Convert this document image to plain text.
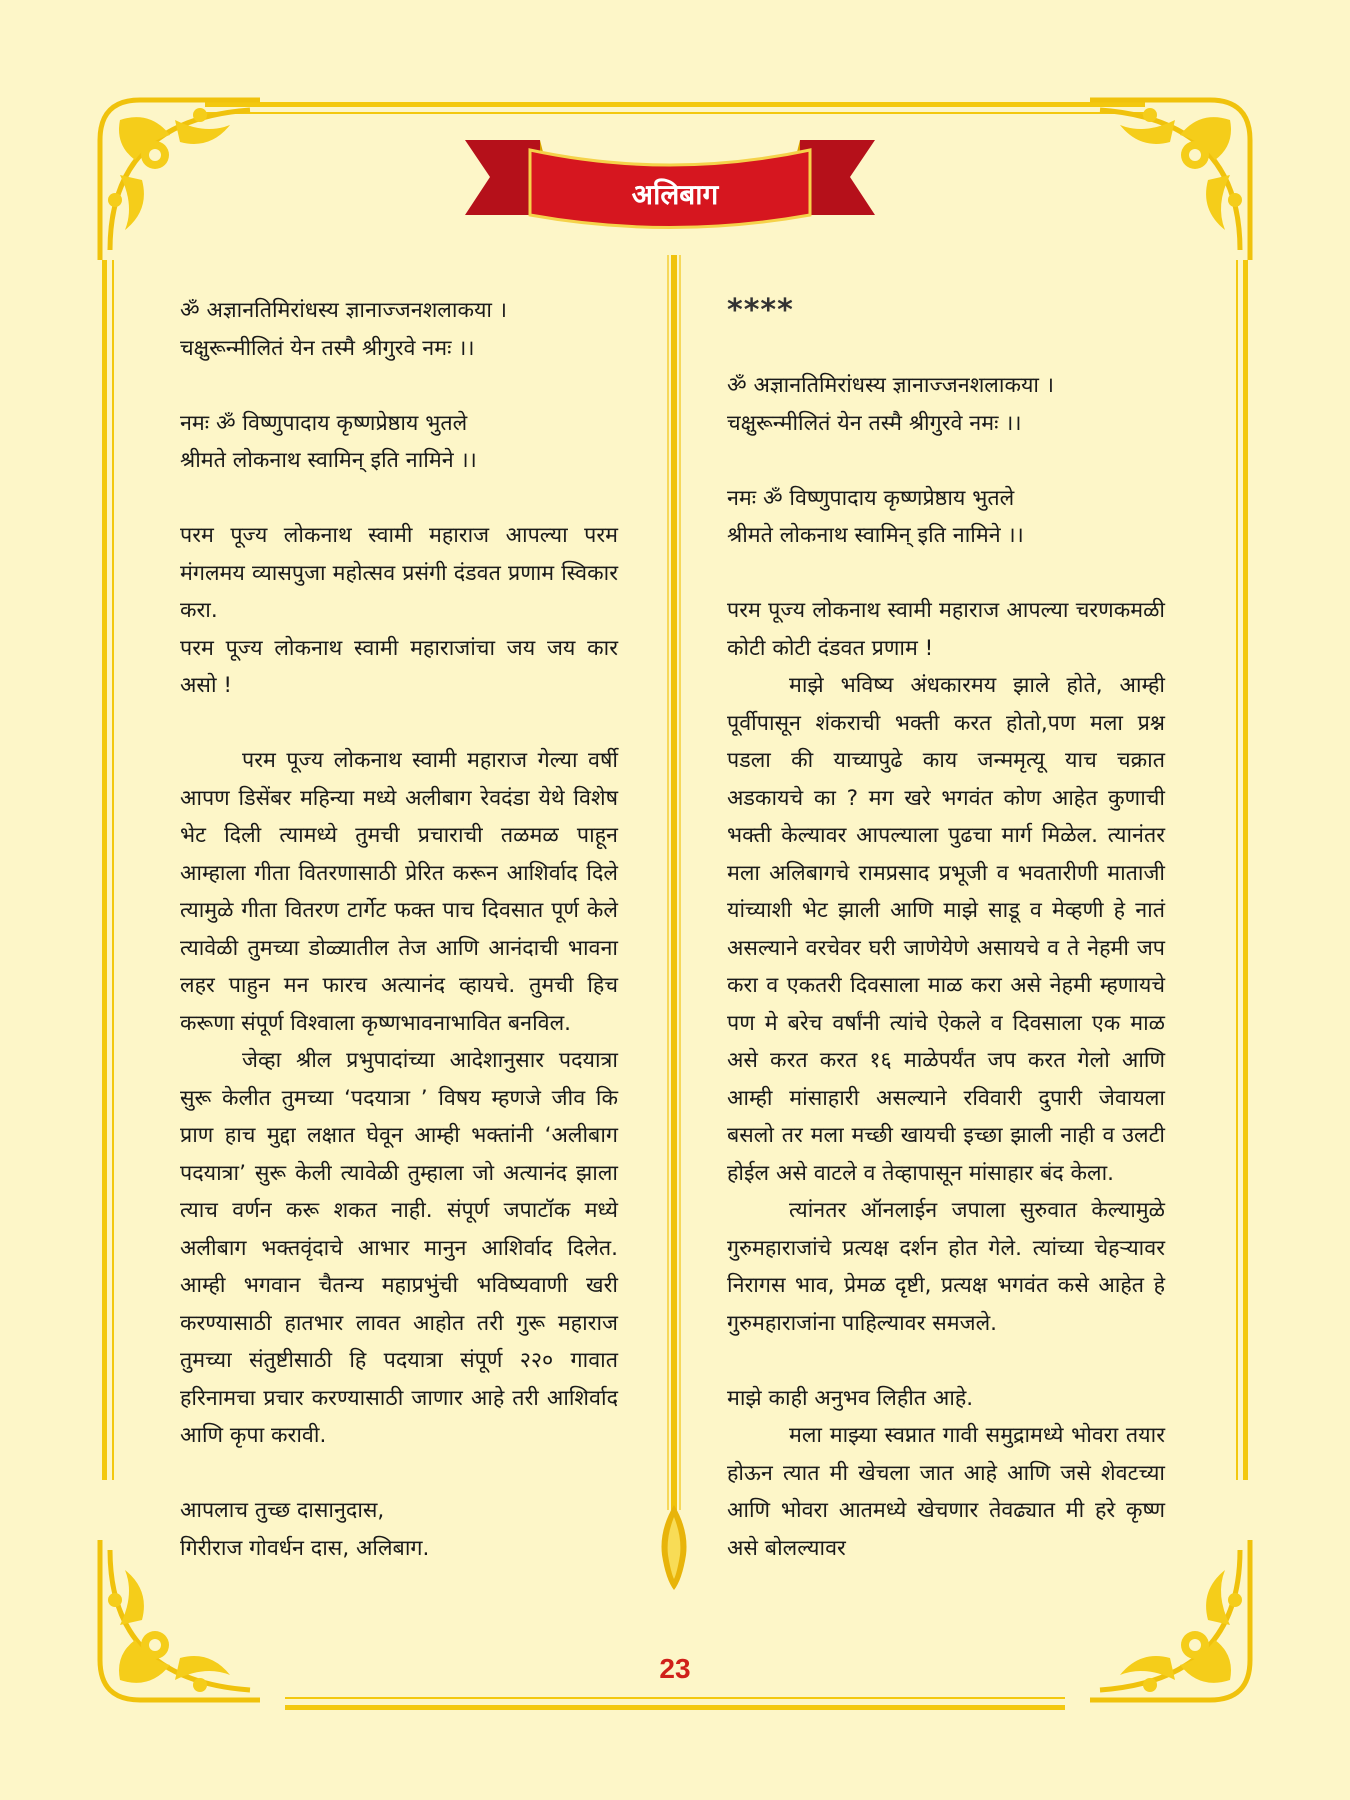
अलिबाग

ॐ अज्ञानतिमिरांधस्य ज्ञानाज्जनशलाकया ।

चक्षुरून्मीलितं येन तस्मै श्रीगुरवे नमः ।।

नमः ॐ विष्णुपादाय कृष्णप्रेष्ठाय भुतले

श्रीमते लोकनाथ स्वामिन् इति नामिने ।।

परम पूज्य लोकनाथ स्वामी महाराज आपल्या परम मंगलमय व्यासपुजा महोत्सव प्रसंगी दंडवत प्रणाम स्विकार करा.

परम पूज्य लोकनाथ स्वामी महाराजांचा जय जय कार असो !

परम पूज्य लोकनाथ स्वामी महाराज गेल्या वर्षी आपण डिसेंबर महिन्या मध्ये अलीबाग रेवदंडा येथे विशेष भेट दिली त्यामध्ये तुमची प्रचाराची तळमळ पाहून आम्हाला गीता वितरणासाठी प्रेरित करून आशिर्वाद दिले त्यामुळे गीता वितरण टार्गेट फक्त पाच दिवसात पूर्ण केले त्यावेळी तुमच्या डोळ्यातील तेज आणि आनंदाची भावना लहर पाहुन मन फारच अत्यानंद व्हायचे. तुमची हिच करूणा संपूर्ण विश्वाला कृष्णभावनाभावित बनविल.

जेव्हा श्रील प्रभुपादांच्या आदेशानुसार पदयात्रा सुरू केलीत तुमच्या ‘पदयात्रा ’ विषय म्हणजे जीव कि प्राण हाच मुद्दा लक्षात घेवून आम्ही भक्तांनी ‘अलीबाग पदयात्रा’ सुरू केली त्यावेळी तुम्हाला जो अत्यानंद झाला त्याच वर्णन करू शकत नाही. संपूर्ण जपाटॉक मध्ये अलीबाग भक्तवृंदाचे आभार मानुन आशिर्वाद दिलेत. आम्ही भगवान चैतन्य महाप्रभुंची भविष्यवाणी खरी करण्यासाठी हातभार लावत आहोत तरी गुरू महाराज तुमच्या संतुष्टीसाठी हि पदयात्रा संपूर्ण २२० गावात हरिनामचा प्रचार करण्यासाठी जाणार आहे तरी आशिर्वाद आणि कृपा करावी.

आपलाच तुच्छ दासानुदास,

गिरीराज गोवर्धन दास, अलिबाग.

****

ॐ अज्ञानतिमिरांधस्य ज्ञानाज्जनशलाकया ।

चक्षुरून्मीलितं येन तस्मै श्रीगुरवे नमः ।।

नमः ॐ विष्णुपादाय कृष्णप्रेष्ठाय भुतले

श्रीमते लोकनाथ स्वामिन् इति नामिने ।।

परम पूज्य लोकनाथ स्वामी महाराज आपल्या चरणकमळी कोटी कोटी दंडवत प्रणाम !

माझे भविष्य अंधकारमय झाले होते, आम्ही पूर्वीपासून शंकराची भक्ती करत होतो,पण मला प्रश्न पडला की याच्यापुढे काय जन्ममृत्यू याच चक्रात अडकायचे का ? मग खरे भगवंत कोण आहेत कुणाची भक्ती केल्यावर आपल्याला पुढचा मार्ग मिळेल. त्यानंतर मला अलिबागचे रामप्रसाद प्रभूजी व भवतारीणी माताजी यांच्याशी भेट झाली आणि माझे साडू व मेव्हणी हे नातं असल्याने वरचेवर घरी जाणेयेणे असायचे व ते नेहमी जप करा व एकतरी दिवसाला माळ करा असे नेहमी म्हणायचे पण मे बरेच वर्षांनी त्यांचे ऐकले व दिवसाला एक माळ असे करत करत १६ माळेपर्यंत जप करत गेलो आणि आम्ही मांसाहारी असल्याने रविवारी दुपारी जेवायला बसलो तर मला मच्छी खायची इच्छा झाली नाही व उलटी होईल असे वाटले व तेव्हापासून मांसाहार बंद केला.

त्यांनतर ऑनलाईन जपाला सुरुवात केल्यामुळे गुरुमहाराजांचे प्रत्यक्ष दर्शन होत गेले. त्यांच्या चेहऱ्यावर निरागस भाव, प्रेमळ दृष्टी, प्रत्यक्ष भगवंत कसे आहेत हे गुरुमहाराजांना पाहिल्यावर समजले.

माझे काही अनुभव लिहीत आहे.

मला माझ्या स्वप्नात गावी समुद्रामध्ये भोवरा तयार होऊन त्यात मी खेचला जात आहे आणि जसे शेवटच्या आणि भोवरा आतमध्ये खेचणार तेवढ्यात मी हरे कृष्ण असे बोलल्यावर

23
